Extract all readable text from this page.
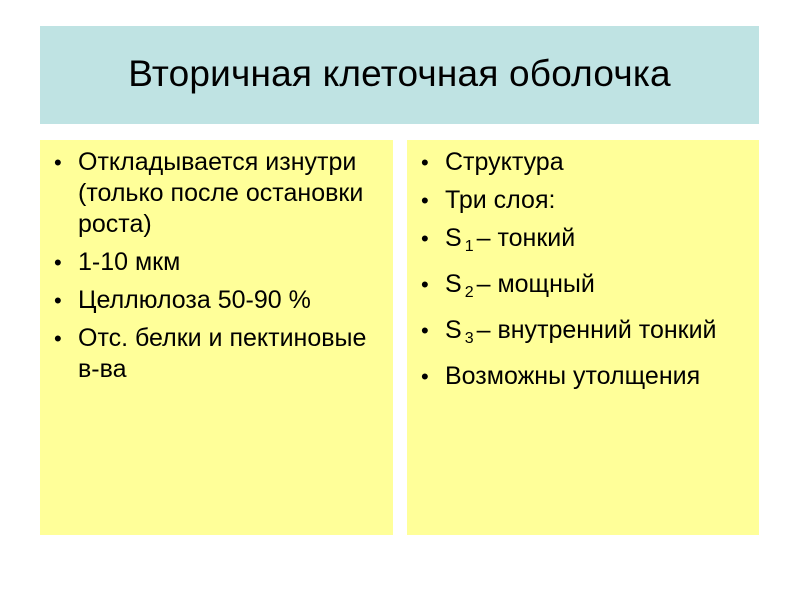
Вторичная клеточная оболочка
• Откладывается изнутри (только после остановки роста)
• 1-10 мкм
• Целлюлоза 50-90 %
• Отс. белки и пектиновые в-ва
• Структура
• Три слоя:
• S $_1$ – тонкий
• S $_2$ – мощный
• S $_3$ – внутренний тонкий
• Возможны утолщения
